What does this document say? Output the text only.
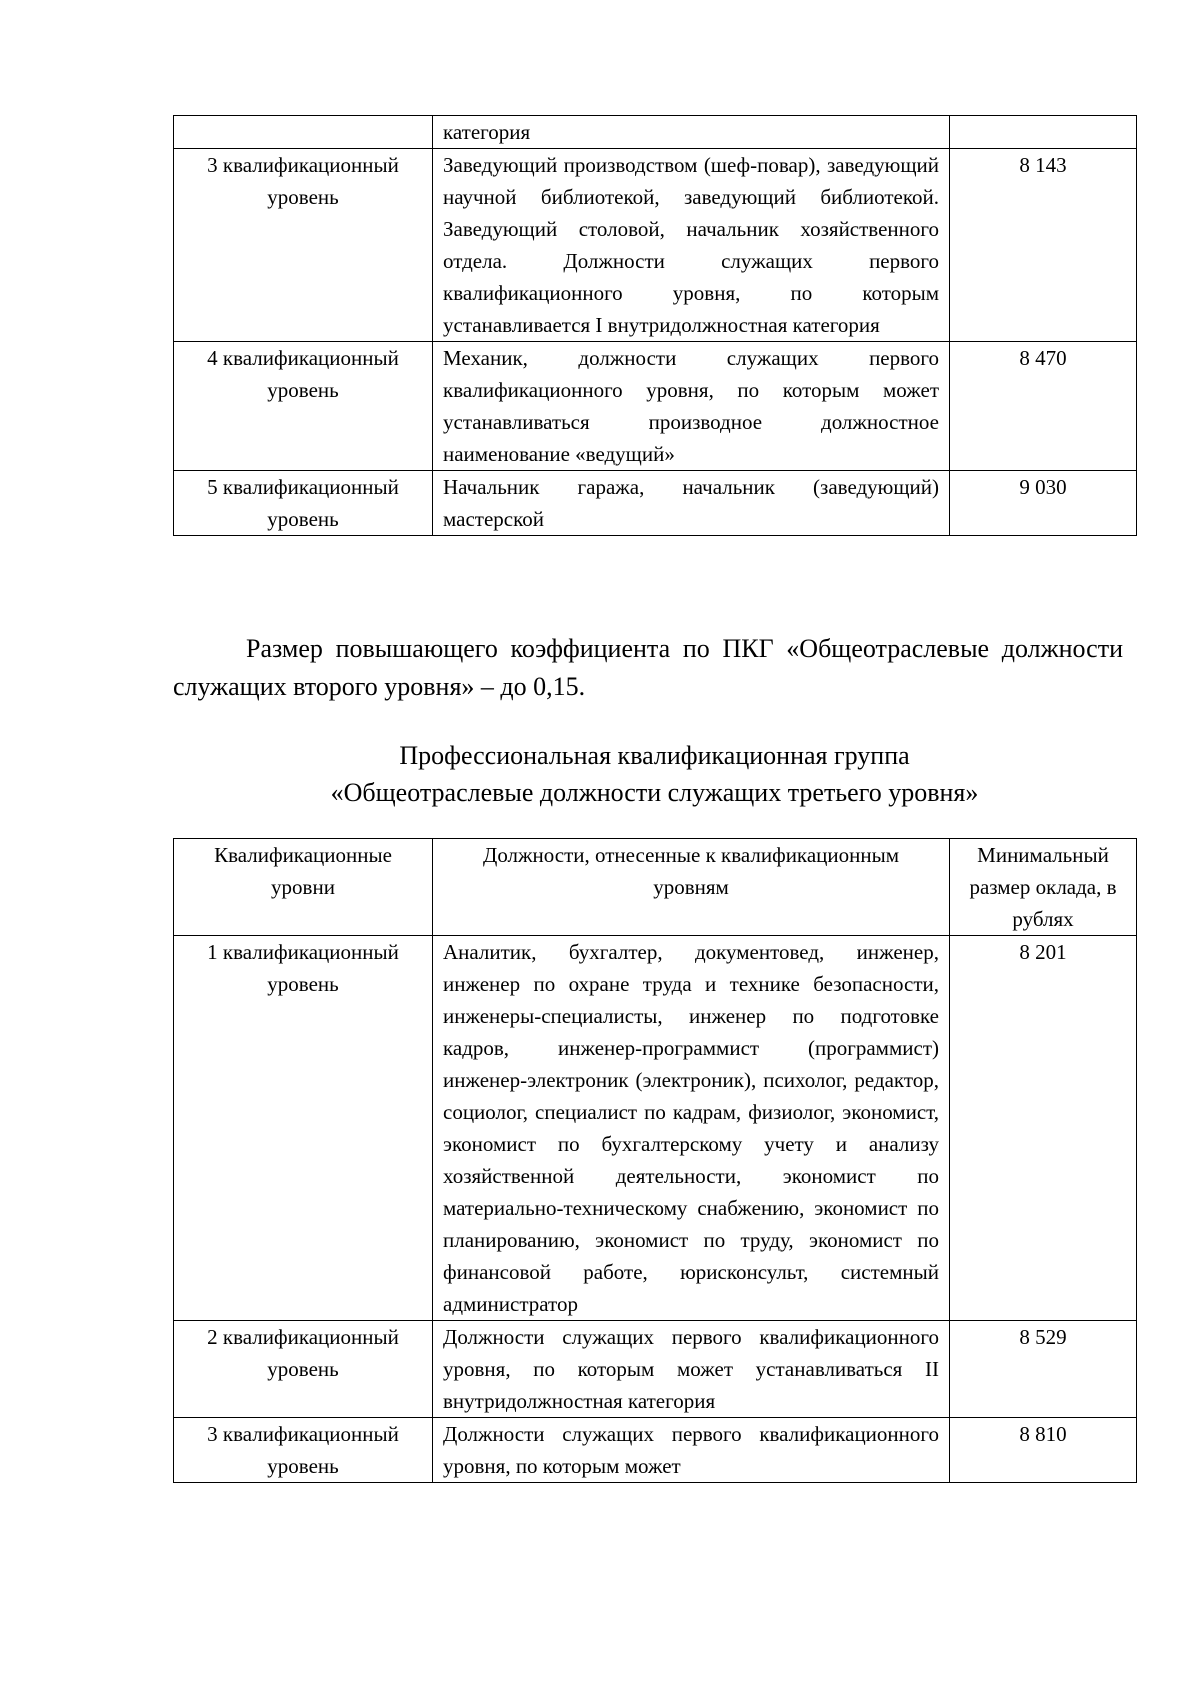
	категория	
3 квалификационный уровень	Заведующий производством (шеф-повар), заведующий научной библиотекой, заведующий библиотекой. Заведующий столовой, начальник хозяйственного отдела. Должности служащих первого квалификационного уровня, по которым устанавливается I внутридолжностная категория	8 143
4 квалификационный уровень	Механик, должности служащих первого квалификационного уровня, по которым может устанавливаться производное должностное наименование «ведущий»	8 470
5 квалификационный уровень	Начальник гаража, начальник (заведующий) мастерской	9 030

Размер повышающего коэффициента по ПКГ «Общеотраслевые должности служащих второго уровня» – до 0,15.

Профессиональная квалификационная группа
«Общеотраслевые должности служащих третьего уровня»
Квалификационные уровни	Должности, отнесенные к квалификационным уровням	Минимальный размер оклада, в рублях
1 квалификационный уровень	Аналитик, бухгалтер, документовед, инженер, инженер по охране труда и технике безопасности, инженеры-специалисты, инженер по подготовке кадров, инженер-программист (программист) инженер-электроник (электроник), психолог, редактор, социолог, специалист по кадрам, физиолог, экономист, экономист по бухгалтерскому учету и анализу хозяйственной деятельности, экономист по материально-техническому снабжению, экономист по планированию, экономист по труду, экономист по финансовой работе, юрисконсульт, системный администратор	8 201
2 квалификационный уровень	Должности служащих первого квалификационного уровня, по которым может устанавливаться II внутридолжностная категория	8 529
3 квалификационный уровень	Должности служащих первого квалификационного уровня, по которым может	8 810
